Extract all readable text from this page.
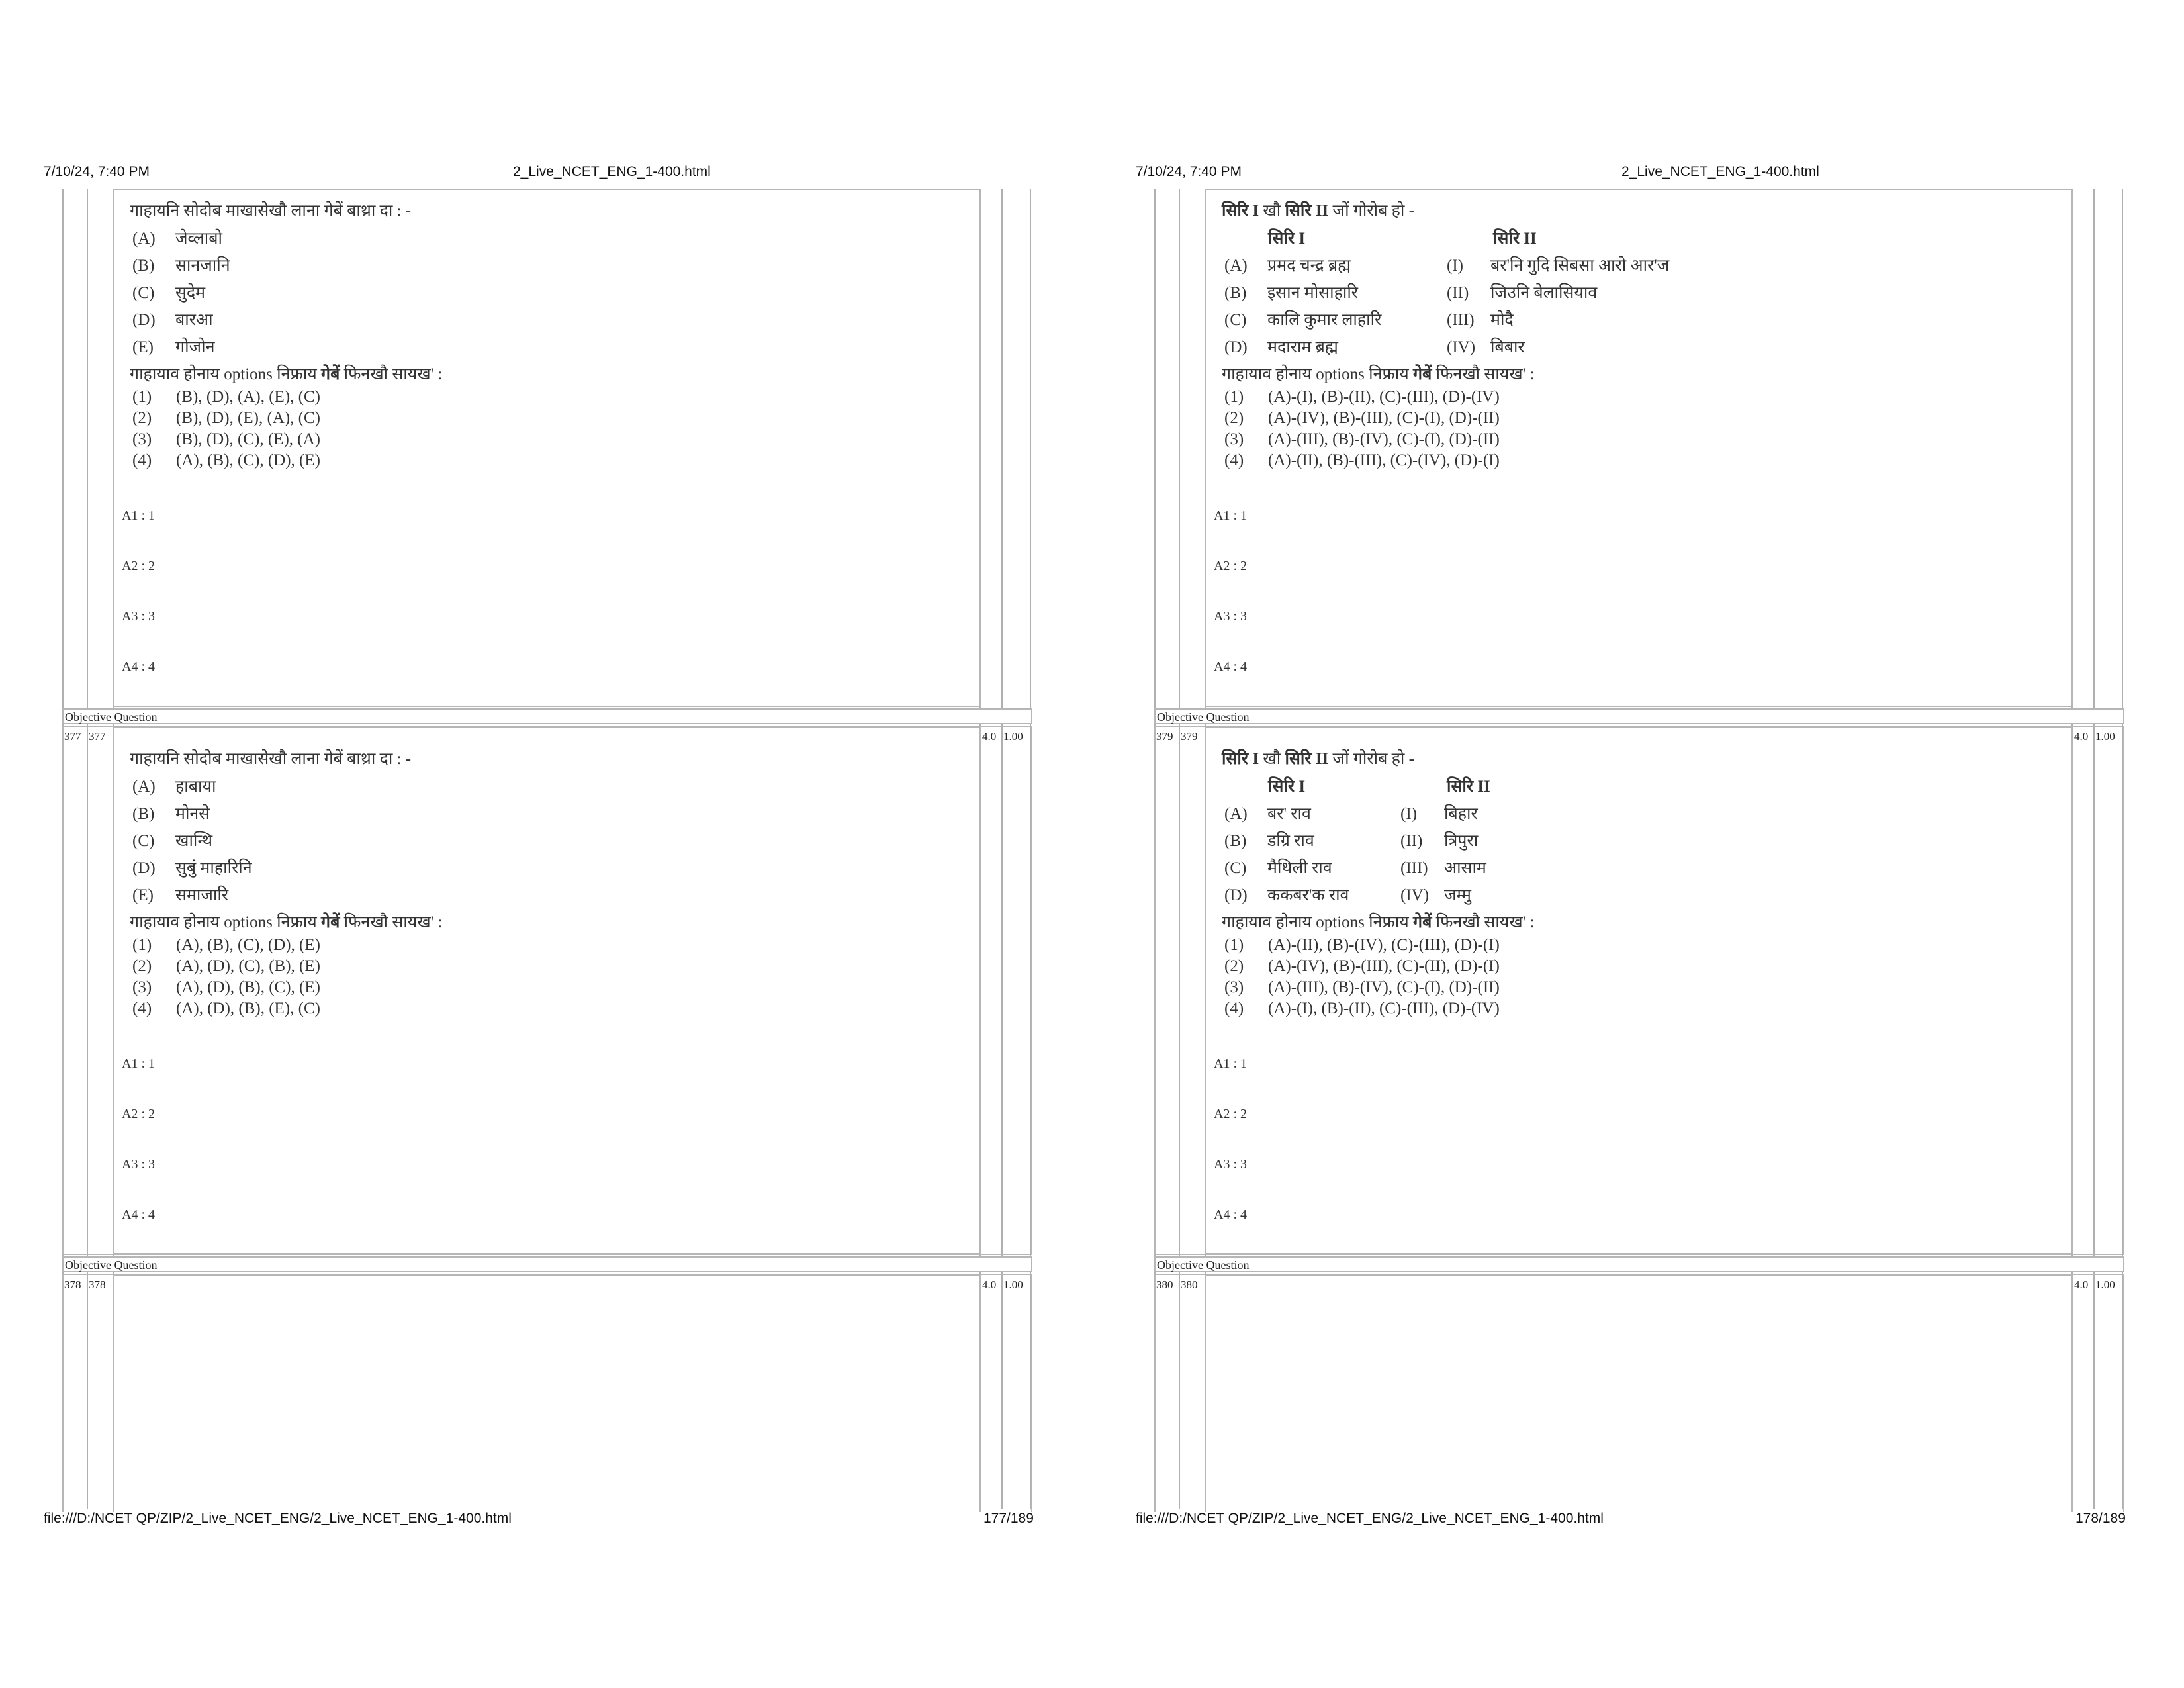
7/10/24, 7:40 PM	2_Live_NCET_ENG_1-400.html
गाहायनि सोदोब माखासेखौ लाना गेबें बाथ्रा दा : -
(A) जेव्लाबो
(B) सानजानि
(C) सुदेम
(D) बारआ
(E) गोजोन
गाहायाव होनाय options निफ्राय गेबें फिनखौ सायख' :
(1) (B), (D), (A), (E), (C)
(2) (B), (D), (E), (A), (C)
(3) (B), (D), (C), (E), (A)
(4) (A), (B), (C), (D), (E)
A1 : 1
A2 : 2
A3 : 3
A4 : 4
Objective Question
377 377	4.0 1.00
गाहायनि सोदोब माखासेखौ लाना गेबें बाथ्रा दा : -
(A) हाबाया
(B) मोनसे
(C) खान्थि
(D) सुबुं माहारिनि
(E) समाजारि
गाहायाव होनाय options निफ्राय गेबें फिनखौ सायख' :
(1) (A), (B), (C), (D), (E)
(2) (A), (D), (C), (B), (E)
(3) (A), (D), (B), (C), (E)
(4) (A), (D), (B), (E), (C)
A1 : 1
A2 : 2
A3 : 3
A4 : 4
Objective Question
378 378	4.0 1.00
file:///D:/NCET QP/ZIP/2_Live_NCET_ENG/2_Live_NCET_ENG_1-400.html	177/189
7/10/24, 7:40 PM	2_Live_NCET_ENG_1-400.html
सिरि I खौ सिरि II जों गोरोब हो -
सिरि I	सिरि II
(A) प्रमद चन्द्र ब्रह्म	(I) बर'नि गुदि सिबसा आरो आर'ज
(B) इसान मोसाहारि	(II) जिउनि बेलासियाव
(C) कालि कुमार लाहारि	(III) मोदै
(D) मदाराम ब्रह्म	(IV) बिबार
गाहायाव होनाय options निफ्राय गेबें फिनखौ सायख' :
(1) (A)-(I), (B)-(II), (C)-(III), (D)-(IV)
(2) (A)-(IV), (B)-(III), (C)-(I), (D)-(II)
(3) (A)-(III), (B)-(IV), (C)-(I), (D)-(II)
(4) (A)-(II), (B)-(III), (C)-(IV), (D)-(I)
A1 : 1
A2 : 2
A3 : 3
A4 : 4
Objective Question
379 379	4.0 1.00
सिरि I खौ सिरि II जों गोरोब हो -
सिरि I	सिरि II
(A) बर' राव	(I) बिहार
(B) डग्रि राव	(II) त्रिपुरा
(C) मैथिली राव	(III) आसाम
(D) ककबर'क राव	(IV) जम्मु
गाहायाव होनाय options निफ्राय गेबें फिनखौ सायख' :
(1) (A)-(II), (B)-(IV), (C)-(III), (D)-(I)
(2) (A)-(IV), (B)-(III), (C)-(II), (D)-(I)
(3) (A)-(III), (B)-(IV), (C)-(I), (D)-(II)
(4) (A)-(I), (B)-(II), (C)-(III), (D)-(IV)
A1 : 1
A2 : 2
A3 : 3
A4 : 4
Objective Question
380 380	4.0 1.00
file:///D:/NCET QP/ZIP/2_Live_NCET_ENG/2_Live_NCET_ENG_1-400.html	178/189
